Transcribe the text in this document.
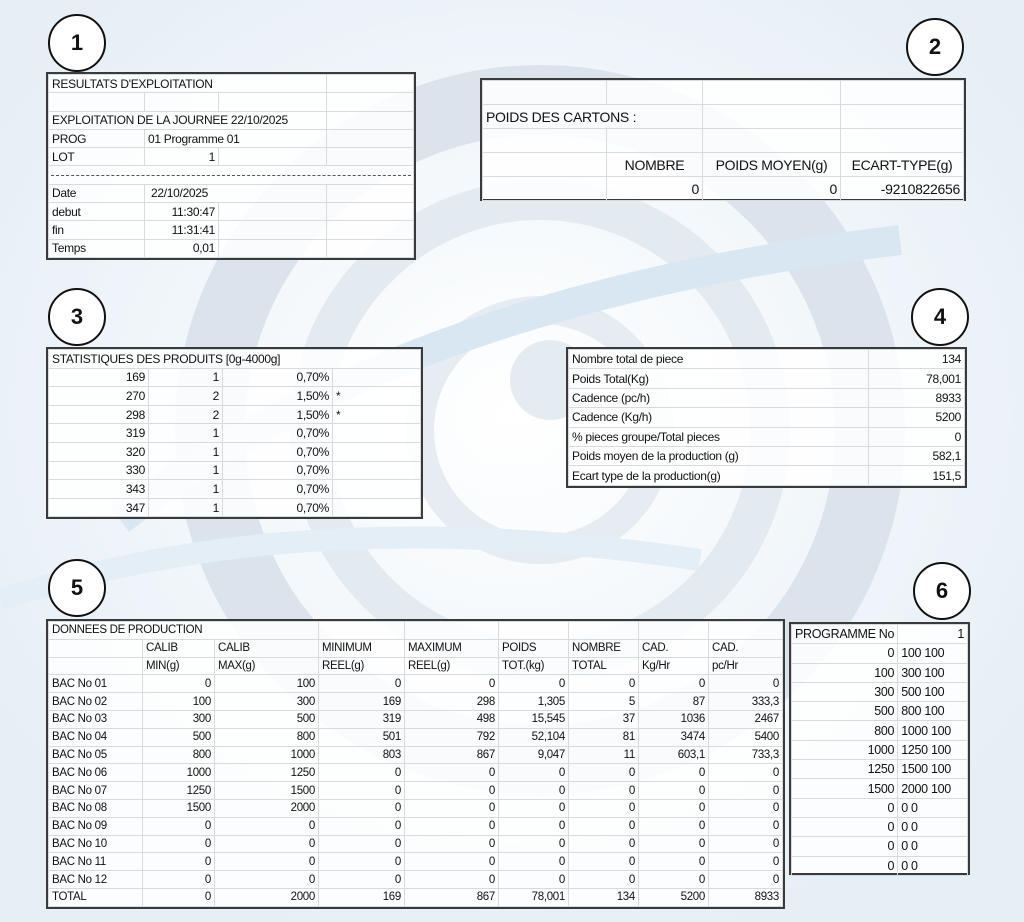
1	2
3	4
5	6
RESULTATS D'EXPLOITATION			

EXPLOITATION DE LA JOURNEE 22/10/2025			
PROG	01 Programme 01		
LOT	1		

Date	22/10/2025		
debut	11:30:47		
fin	11:31:41		
Temps	0,01		

POIDS DES CARTONS :			

	NOMBRE	POIDS MOYEN(g)	ECART-TYPE(g)
	0	0	-9210822656
STATISTIQUES DES PRODUITS [0g-4000g]			
169	1	0,70%	
270	2	1,50%	*
298	2	1,50%	*
319	1	0,70%	
320	1	0,70%	
330	1	0,70%	
343	1	0,70%	
347	1	0,70%	
Nombre total de piece	134
Poids Total(Kg)	78,001
Cadence (pc/h)	8933
Cadence (Kg/h)	5200
% pieces groupe/Total pieces	0
Poids moyen de la production (g)	582,1
Ecart type de la production(g)	151,5
DONNEES DE PRODUCTION								
	CALIB	CALIB	MINIMUM	MAXIMUM	POIDS	NOMBRE	CAD.	CAD.
	MIN(g)	MAX(g)	REEL(g)	REEL(g)	TOT.(kg)	TOTAL	Kg/Hr	pc/Hr
BAC No 01	0	100	0	0	0	0	0	0
BAC No 02	100	300	169	298	1,305	5	87	333,3
BAC No 03	300	500	319	498	15,545	37	1036	2467
BAC No 04	500	800	501	792	52,104	81	3474	5400
BAC No 05	800	1000	803	867	9,047	11	603,1	733,3
BAC No 06	1000	1250	0	0	0	0	0	0
BAC No 07	1250	1500	0	0	0	0	0	0
BAC No 08	1500	2000	0	0	0	0	0	0
BAC No 09	0	0	0	0	0	0	0	0
BAC No 10	0	0	0	0	0	0	0	0
BAC No 11	0	0	0	0	0	0	0	0
BAC No 12	0	0	0	0	0	0	0	0
TOTAL	0	2000	169	867	78,001	134	5200	8933
PROGRAMME No	1
0	100 100
100	300 100
300	500 100
500	800 100
800	1000 100
1000	1250 100
1250	1500 100
1500	2000 100
0	0 0
0	0 0
0	0 0
0	0 0
